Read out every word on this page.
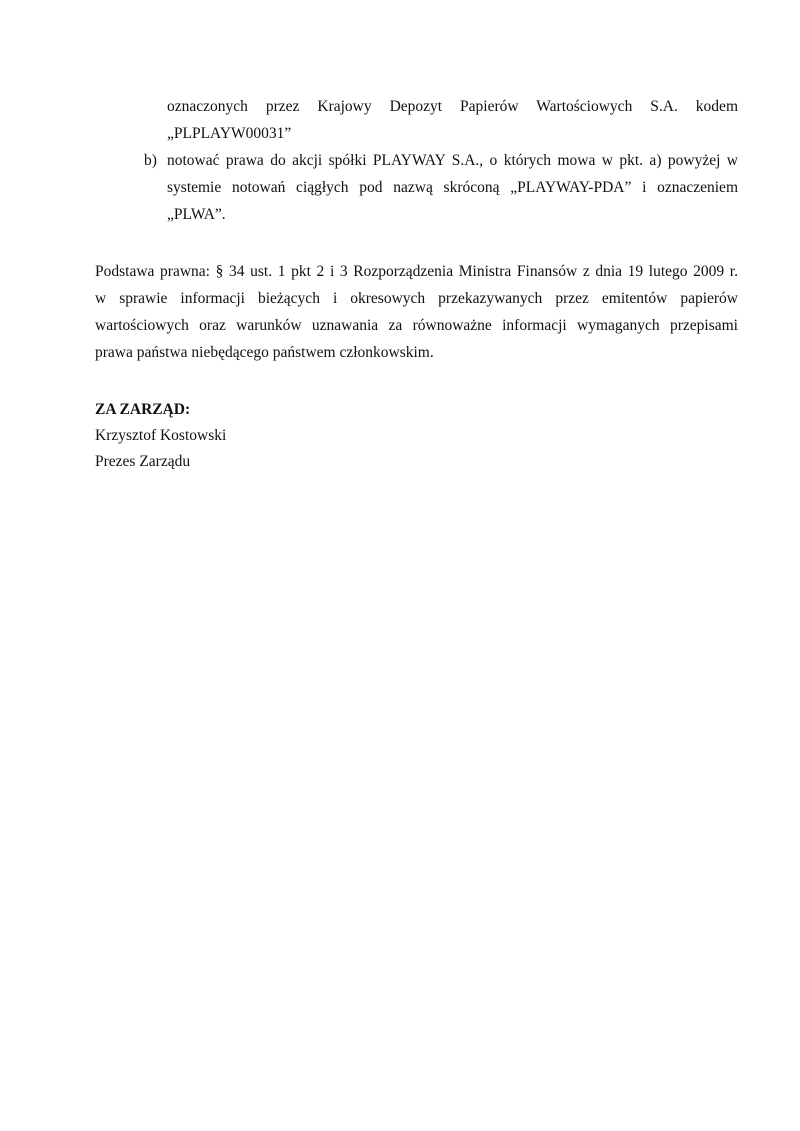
oznaczonych przez Krajowy Depozyt Papierów Wartościowych S.A. kodem
„PLPLAYW00031”
b) notować prawa do akcji spółki PLAYWAY S.A., o których mowa w pkt. a) powyżej w
systemie notowań ciągłych pod nazwą skróconą „PLAYWAY-PDA” i oznaczeniem
„PLWA”.
Podstawa prawna: § 34 ust. 1 pkt 2 i 3 Rozporządzenia Ministra Finansów z dnia 19 lutego 2009 r.
w sprawie informacji bieżących i okresowych przekazywanych przez emitentów papierów
wartościowych oraz warunków uznawania za równoważne informacji wymaganych przepisami
prawa państwa niebędącego państwem członkowskim.
ZA ZARZĄD:
Krzysztof Kostowski
Prezes Zarządu
